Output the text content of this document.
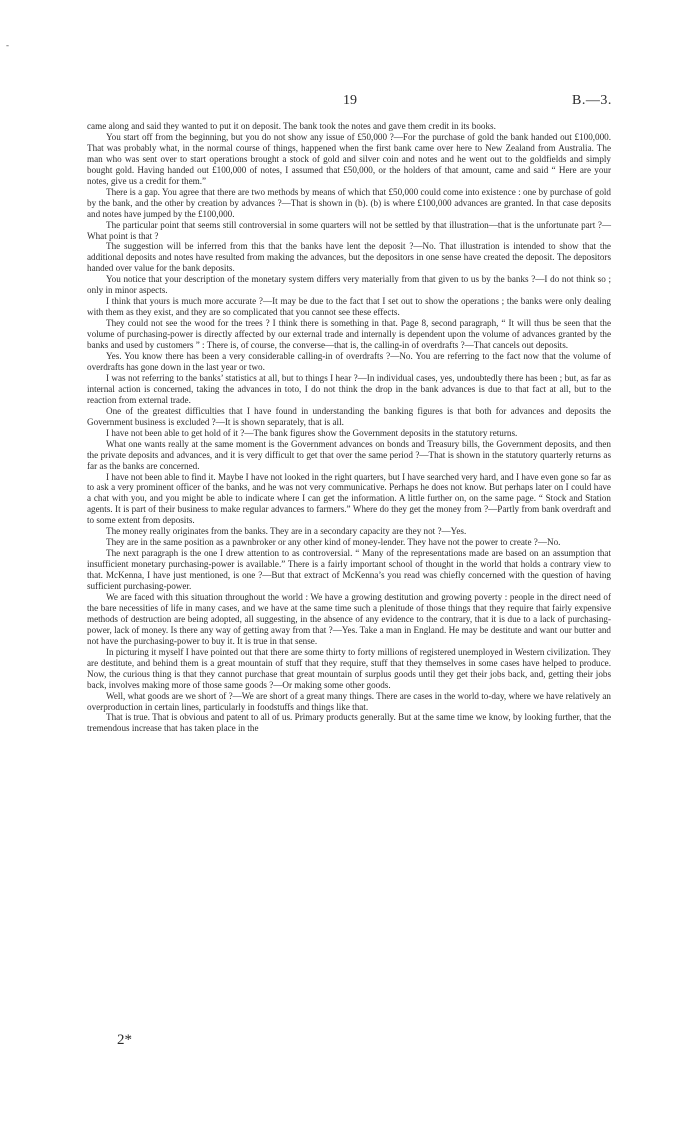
-
19	B.—3.

came along and said they wanted to put it on deposit. The bank took the notes and gave them credit in its books.

You start off from the beginning, but you do not show any issue of £50,000 ?—For the purchase of gold the bank handed out £100,000. That was probably what, in the normal course of things, happened when the first bank came over here to New Zealand from Australia. The man who was sent over to start operations brought a stock of gold and silver coin and notes and he went out to the goldfields and simply bought gold. Having handed out £100,000 of notes, I assumed that £50,000, or the holders of that amount, came and said “ Here are your notes, give us a credit for them.”

There is a gap. You agree that there are two methods by means of which that £50,000 could come into existence : one by purchase of gold by the bank, and the other by creation by advances ?—That is shown in (b). (b) is where £100,000 advances are granted. In that case deposits and notes have jumped by the £100,000.

The particular point that seems still controversial in some quarters will not be settled by that illustration—that is the unfortunate part ?—What point is that ?

The suggestion will be inferred from this that the banks have lent the deposit ?—No. That illustration is intended to show that the additional deposits and notes have resulted from making the advances, but the depositors in one sense have created the deposit. The depositors handed over value for the bank deposits.

You notice that your description of the monetary system differs very materially from that given to us by the banks ?—I do not think so ; only in minor aspects.

I think that yours is much more accurate ?—It may be due to the fact that I set out to show the operations ; the banks were only dealing with them as they exist, and they are so complicated that you cannot see these effects.

They could not see the wood for the trees ? I think there is something in that. Page 8, second paragraph, “ It will thus be seen that the volume of purchasing-power is directly affected by our external trade and internally is dependent upon the volume of advances granted by the banks and used by customers ” : There is, of course, the converse—that is, the calling-in of overdrafts ?—That cancels out deposits.

Yes. You know there has been a very considerable calling-in of overdrafts ?—No. You are referring to the fact now that the volume of overdrafts has gone down in the last year or two.

I was not referring to the banks’ statistics at all, but to things I hear ?—In individual cases, yes, undoubtedly there has been ; but, as far as internal action is concerned, taking the advances in toto, I do not think the drop in the bank advances is due to that fact at all, but to the reaction from external trade.

One of the greatest difficulties that I have found in understanding the banking figures is that both for advances and deposits the Government business is excluded ?—It is shown separately, that is all.

I have not been able to get hold of it ?—The bank figures show the Government deposits in the statutory returns.

What one wants really at the same moment is the Government advances on bonds and Treasury bills, the Government deposits, and then the private deposits and advances, and it is very difficult to get that over the same period ?—That is shown in the statutory quarterly returns as far as the banks are concerned.

I have not been able to find it. Maybe I have not looked in the right quarters, but I have searched very hard, and I have even gone so far as to ask a very prominent officer of the banks, and he was not very communicative. Perhaps he does not know. But perhaps later on I could have a chat with you, and you might be able to indicate where I can get the information. A little further on, on the same page. “ Stock and Station agents. It is part of their business to make regular advances to farmers.” Where do they get the money from ?—Partly from bank overdraft and to some extent from deposits.

The money really originates from the banks. They are in a secondary capacity are they not ?—Yes.

They are in the same position as a pawnbroker or any other kind of money-lender. They have not the power to create ?—No.

The next paragraph is the one I drew attention to as controversial. “ Many of the representations made are based on an assumption that insufficient monetary purchasing-power is available.” There is a fairly important school of thought in the world that holds a contrary view to that. McKenna, I have just mentioned, is one ?—But that extract of McKenna’s you read was chiefly concerned with the question of having sufficient purchasing-power.

We are faced with this situation throughout the world : We have a growing destitution and growing poverty : people in the direct need of the bare necessities of life in many cases, and we have at the same time such a plenitude of those things that they require that fairly expensive methods of destruction are being adopted, all suggesting, in the absence of any evidence to the contrary, that it is due to a lack of purchasing-power, lack of money. Is there any way of getting away from that ?—Yes. Take a man in England. He may be destitute and want our butter and not have the purchasing-power to buy it. It is true in that sense.

In picturing it myself I have pointed out that there are some thirty to forty millions of registered unemployed in Western civilization. They are destitute, and behind them is a great mountain of stuff that they require, stuff that they themselves in some cases have helped to produce. Now, the curious thing is that they cannot purchase that great mountain of surplus goods until they get their jobs back, and, getting their jobs back, involves making more of those same goods ?—Or making some other goods.

Well, what goods are we short of ?—We are short of a great many things. There are cases in the world to-day, where we have relatively an overproduction in certain lines, particularly in foodstuffs and things like that.

That is true. That is obvious and patent to all of us. Primary products generally. But at the same time we know, by looking further, that the tremendous increase that has taken place in the

2*
